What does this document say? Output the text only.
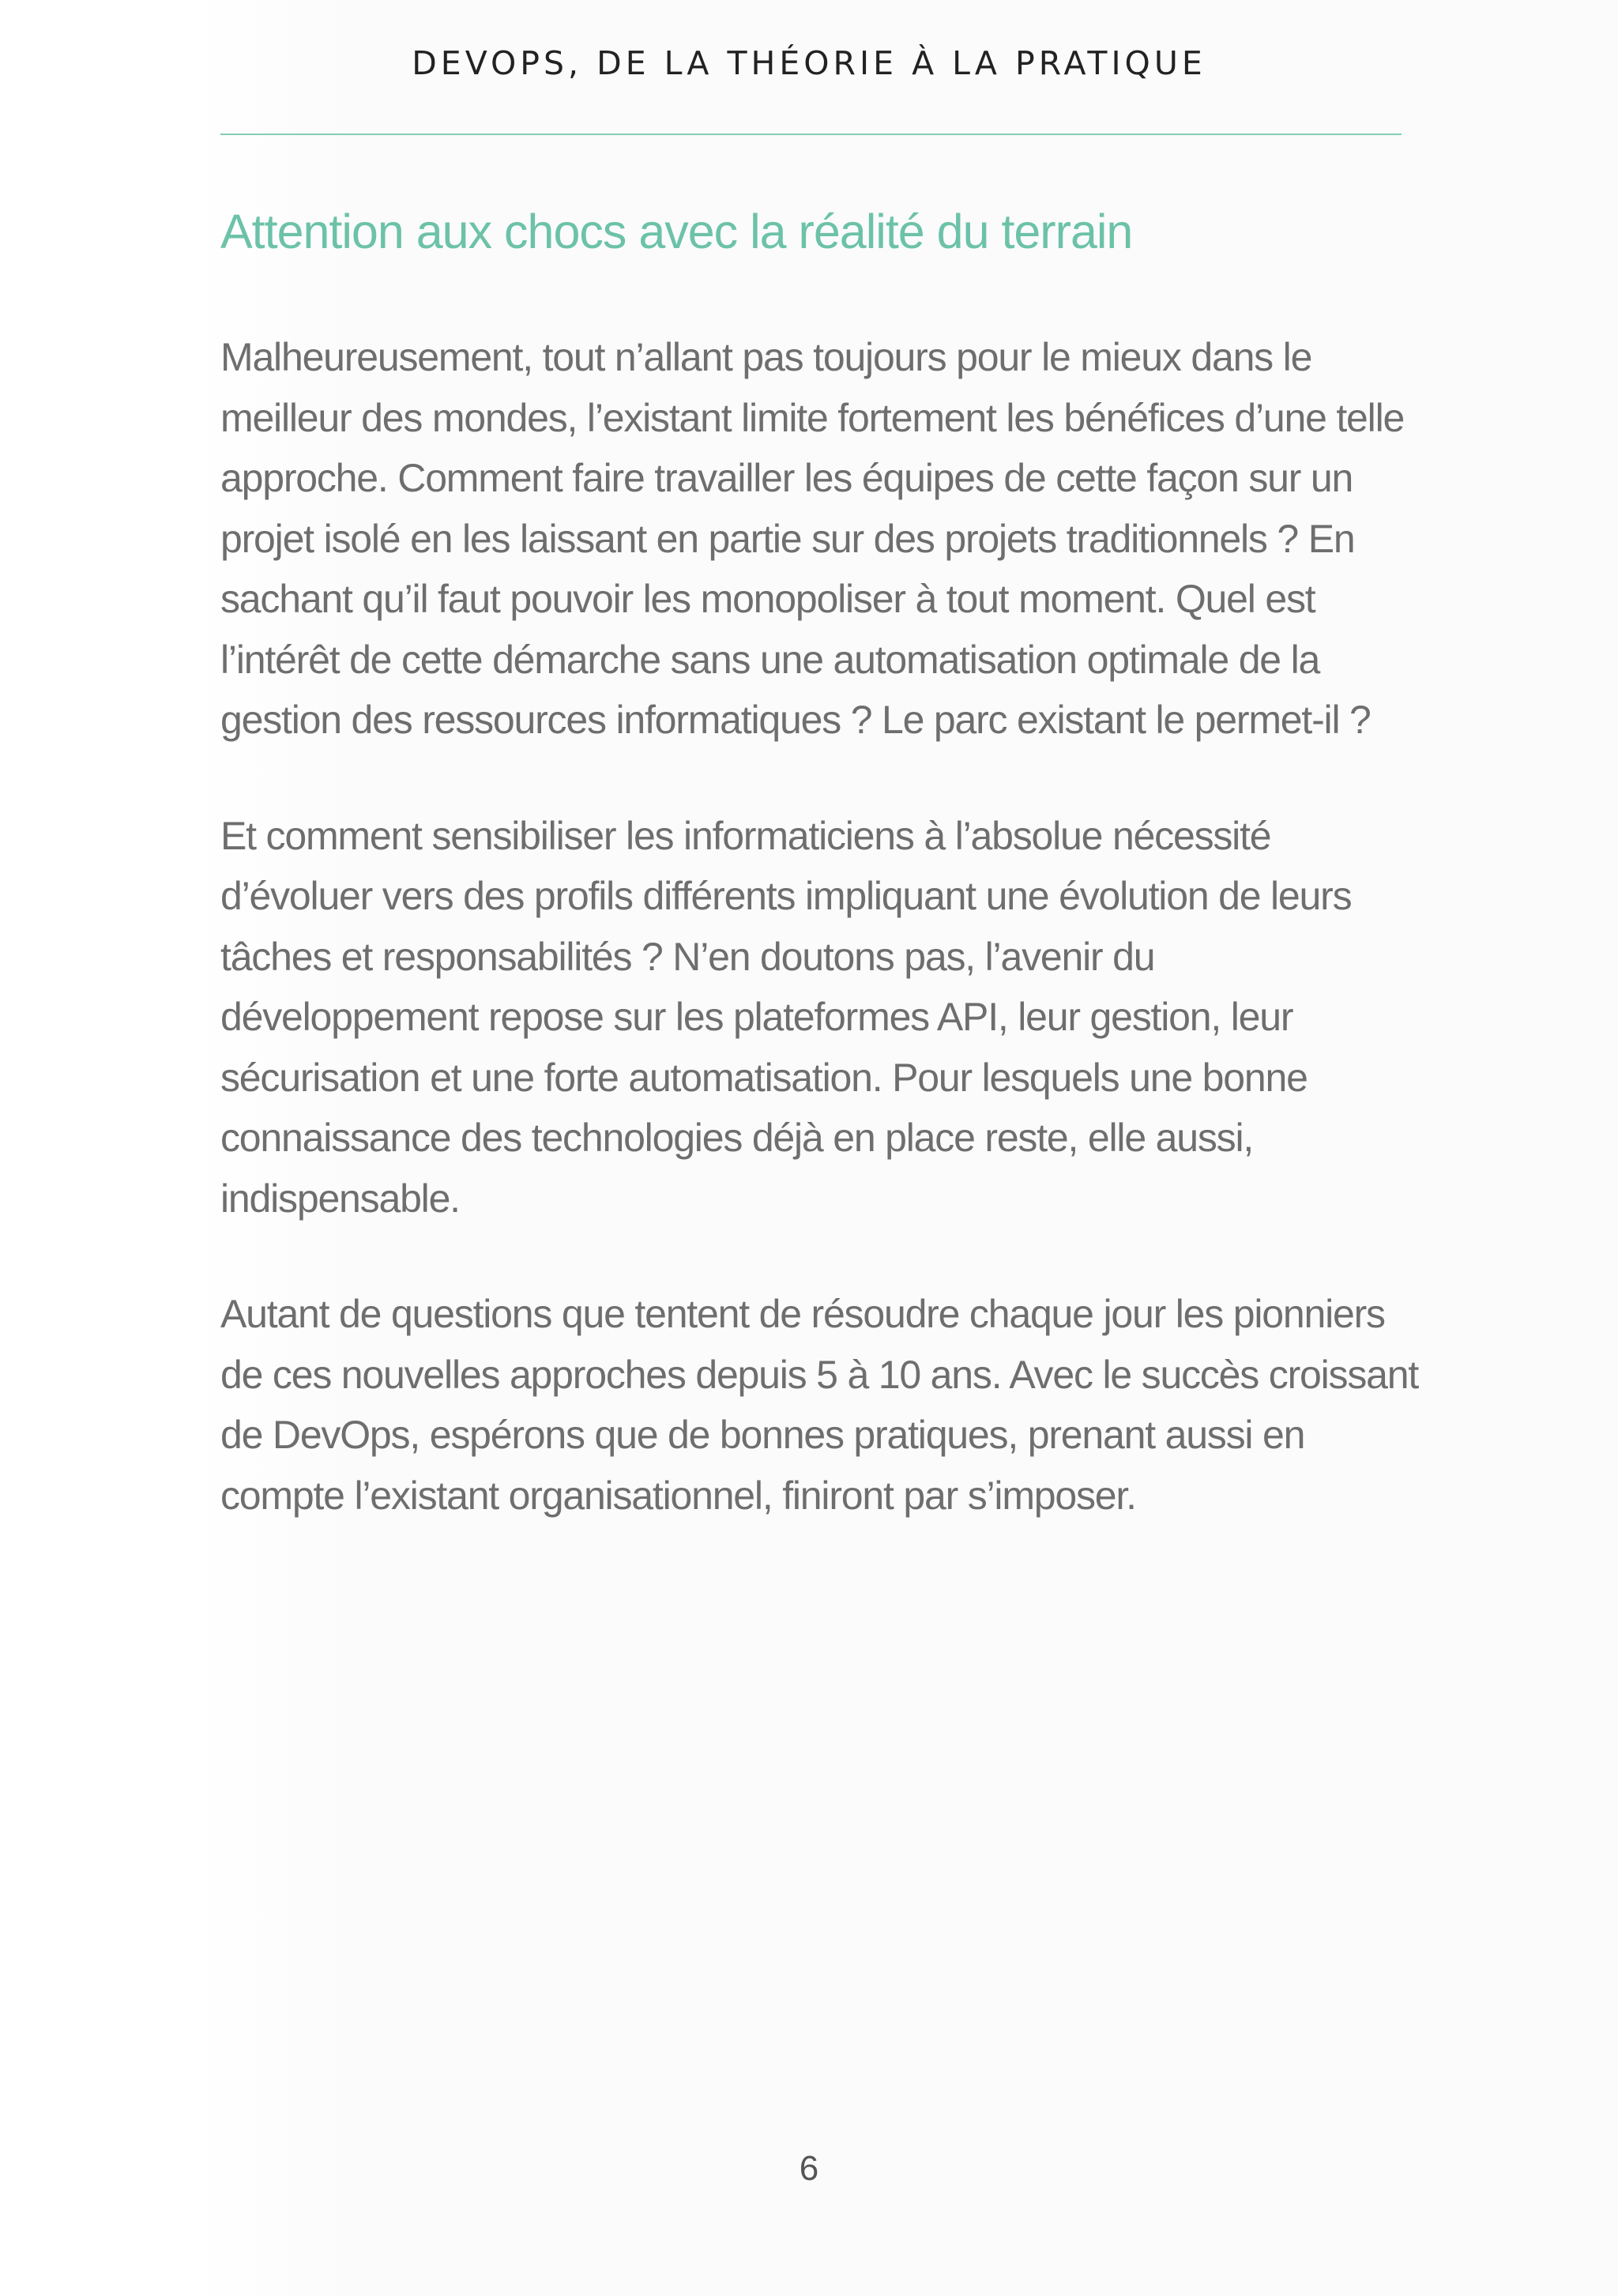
DEVOPS, DE LA THÉORIE À LA PRATIQUE
Attention aux chocs avec la réalité du terrain

Malheureusement, tout n’allant pas toujours pour le mieux dans le meilleur des mondes, l’existant limite fortement les bénéfices d’une telle approche. Comment faire travailler les équipes de cette façon sur un projet isolé en les laissant en partie sur des projets traditionnels ? En sachant qu’il faut pouvoir les monopoliser à tout moment. Quel est l’intérêt de cette démarche sans une automatisation optimale de la gestion des ressources informatiques ? Le parc existant le permet-il ?

Et comment sensibiliser les informaticiens à l’absolue nécessité d’évoluer vers des profils différents impliquant une évolution de leurs tâches et responsabilités ? N’en doutons pas, l’avenir du développement repose sur les plateformes API, leur gestion, leur sécurisation et une forte automatisation. Pour lesquels une bonne connaissance des technologies déjà en place reste, elle aussi, indispensable.

Autant de questions que tentent de résoudre chaque jour les pionniers de ces nouvelles approches depuis 5 à 10 ans. Avec le succès croissant de DevOps, espérons que de bonnes pratiques, prenant aussi en compte l’existant organisationnel, finiront par s’imposer.

6
